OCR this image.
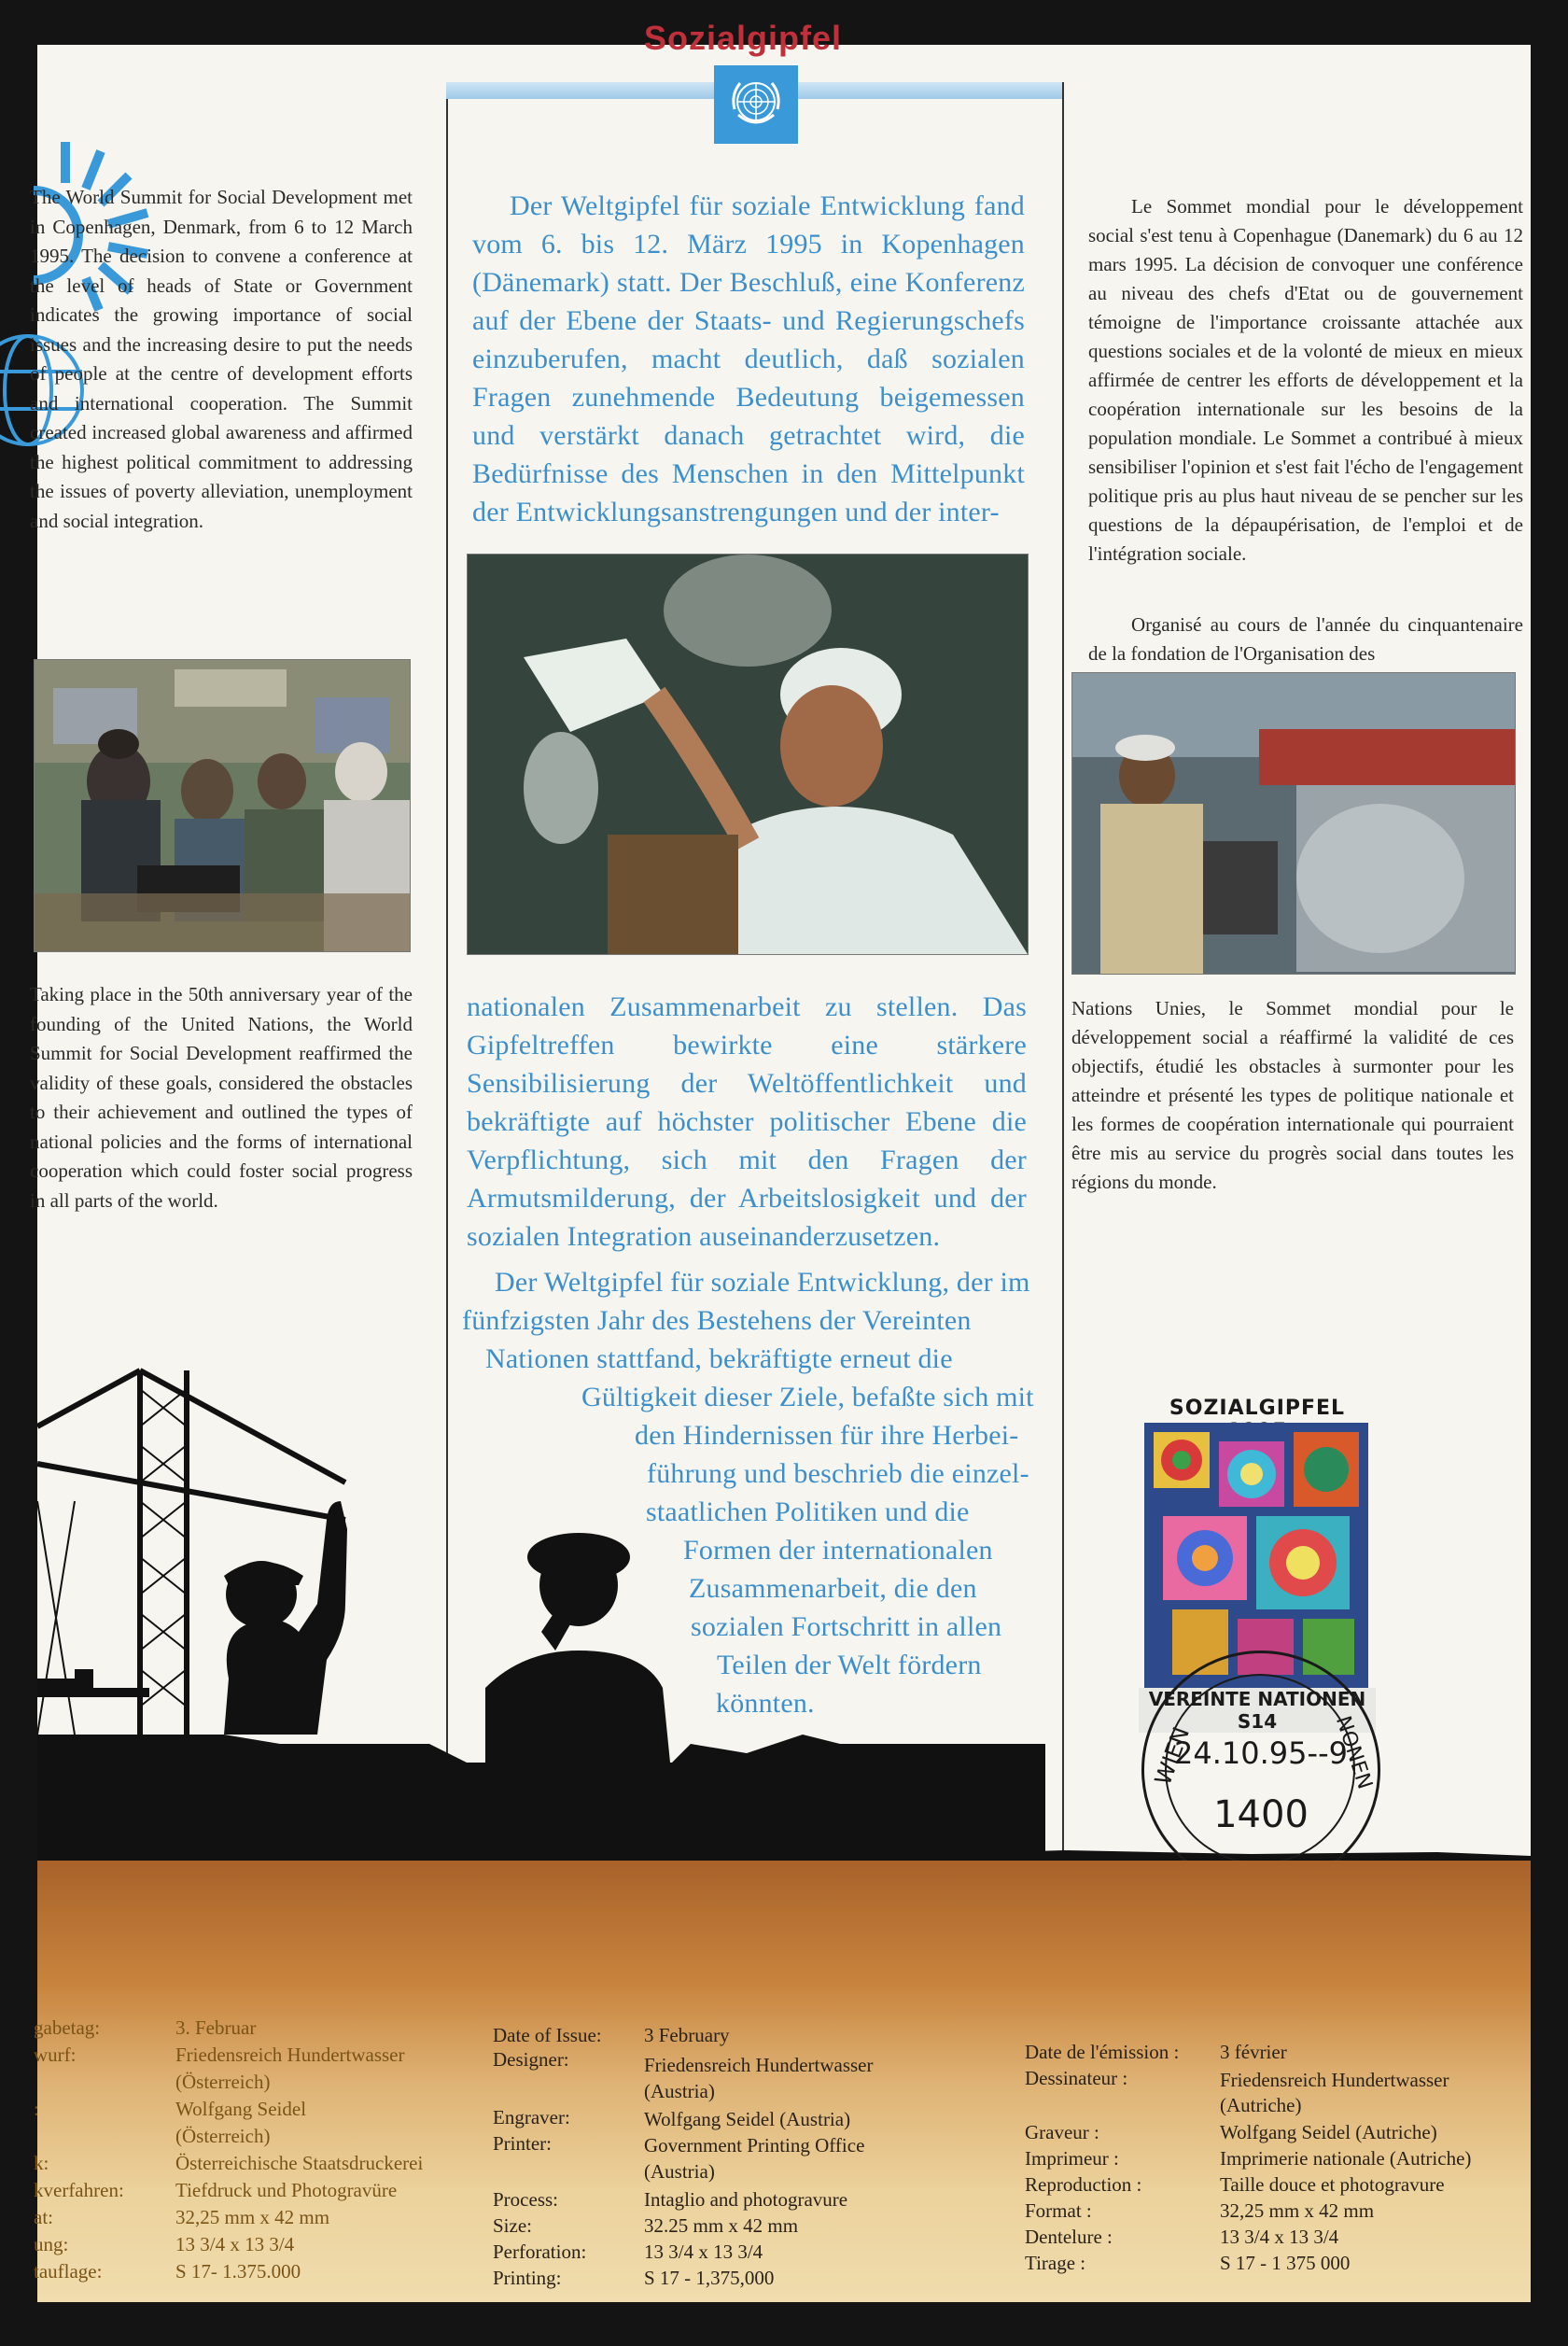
Sozialgipfel
The World Summit for Social Development met in Copenhagen, Denmark, from 6 to 12 March 1995. The decision to convene a conference at the level of heads of State or Government indicates the growing importance of social issues and the increasing desire to put the needs of people at the centre of development efforts and international cooperation. The Summit created increased global awareness and affirmed the highest political commitment to addressing the issues of poverty alleviation, unemployment and social integration.
Taking place in the 50th anniversary year of the founding of the United Nations, the World Summit for Social Development reaffirmed the validity of these goals, considered the obstacles to their achievement and outlined the types of national policies and the forms of international cooperation which could foster social progress in all parts of the world.
Der Weltgipfel für soziale Entwicklung fand vom 6. bis 12. März 1995 in Kopenhagen (Dänemark) statt. Der Beschluß, eine Konferenz auf der Ebene der Staats- und Regierungschefs einzuberufen, macht deutlich, daß sozialen Fragen zunehmende Bedeutung beigemessen und verstärkt danach getrachtet wird, die Bedürfnisse des Menschen in den Mittelpunkt der Entwicklungsanstrengungen und der inter-
nationalen Zusammenarbeit zu stellen. Das Gipfeltreffen bewirkte eine stärkere Sensibilisierung der Weltöffentlichkeit und bekräftigte auf höchster politischer Ebene die Verpflichtung, sich mit den Fragen der Armutsmilderung, der Arbeitslosigkeit und der sozialen Integration auseinanderzusetzen.
Der Weltgipfel für soziale Entwicklung, der im
fünfzigsten Jahr des Bestehens der Vereinten
Nationen stattfand, bekräftigte erneut die
Gültigkeit dieser Ziele, befaßte sich mit
den Hindernissen für ihre Herbei-
führung und beschrieb die einzel-
staatlichen Politiken und die
Formen der internationalen
Zusammenarbeit, die den
sozialen Fortschritt in allen
Teilen der Welt fördern
könnten.
Le Sommet mondial pour le développement social s'est tenu à Copenhague (Danemark) du 6 au 12 mars 1995. La décision de convoquer une conférence au niveau des chefs d'Etat ou de gouvernement témoigne de l'importance croissante attachée aux questions sociales et de la volonté de mieux en mieux affirmée de centrer les efforts de développement et la coopération internationale sur les besoins de la population mondiale. Le Sommet a contribué à mieux sensibiliser l'opinion et s'est fait l'écho de l'engagement politique pris au plus haut niveau de se pencher sur les questions de la dépaupérisation, de l'emploi et de l'intégration sociale.
Organisé au cours de l'année du cinquantenaire de la fondation de l'Organisation des
Nations Unies, le Sommet mondial pour le développement social a réaffirmé la validité de ces objectifs, étudié les obstacles à surmonter pour les atteindre et présenté les types de politique nationale et les formes de coopération internationale qui pourraient être mis au service du progrès social dans toutes les régions du monde.
SOZIALGIPFEL
VEREINTE NATIONEN S14
24.10.95--9
1400
WIEN	NONEN
gabetag:	3. Februar
wurf:	Friedensreich Hundertwasser
(Österreich)
:	Wolfgang Seidel
(Österreich)
k:	Österreichische Staatsdruckerei
kverfahren:	Tiefdruck und Photogravüre
at:	32,25 mm x 42 mm
ung:	13 3/4 x 13 3/4
tauflage:	S 17- 1.375.000
Date of Issue: 3 February
Designer:	Friedensreich Hundertwasser
(Austria)
Engraver:	Wolfgang Seidel (Austria)
Printer:	Government Printing Office
(Austria)
Process:	Intaglio and photogravure
Size:	32.25 mm x 42 mm
Perforation:	13 3/4 x 13 3/4
Printing:	S 17 - 1,375,000
Date de l'émission : 3 février
Dessinateur :	Friedensreich Hundertwasser
(Autriche)
Graveur :	Wolfgang Seidel (Autriche)
Imprimeur :	Imprimerie nationale (Autriche)
Reproduction :	Taille douce et photogravure
Format :	32,25 mm x 42 mm
Dentelure :	13 3/4 x 13 3/4
Tirage :	S 17 - 1 375 000
